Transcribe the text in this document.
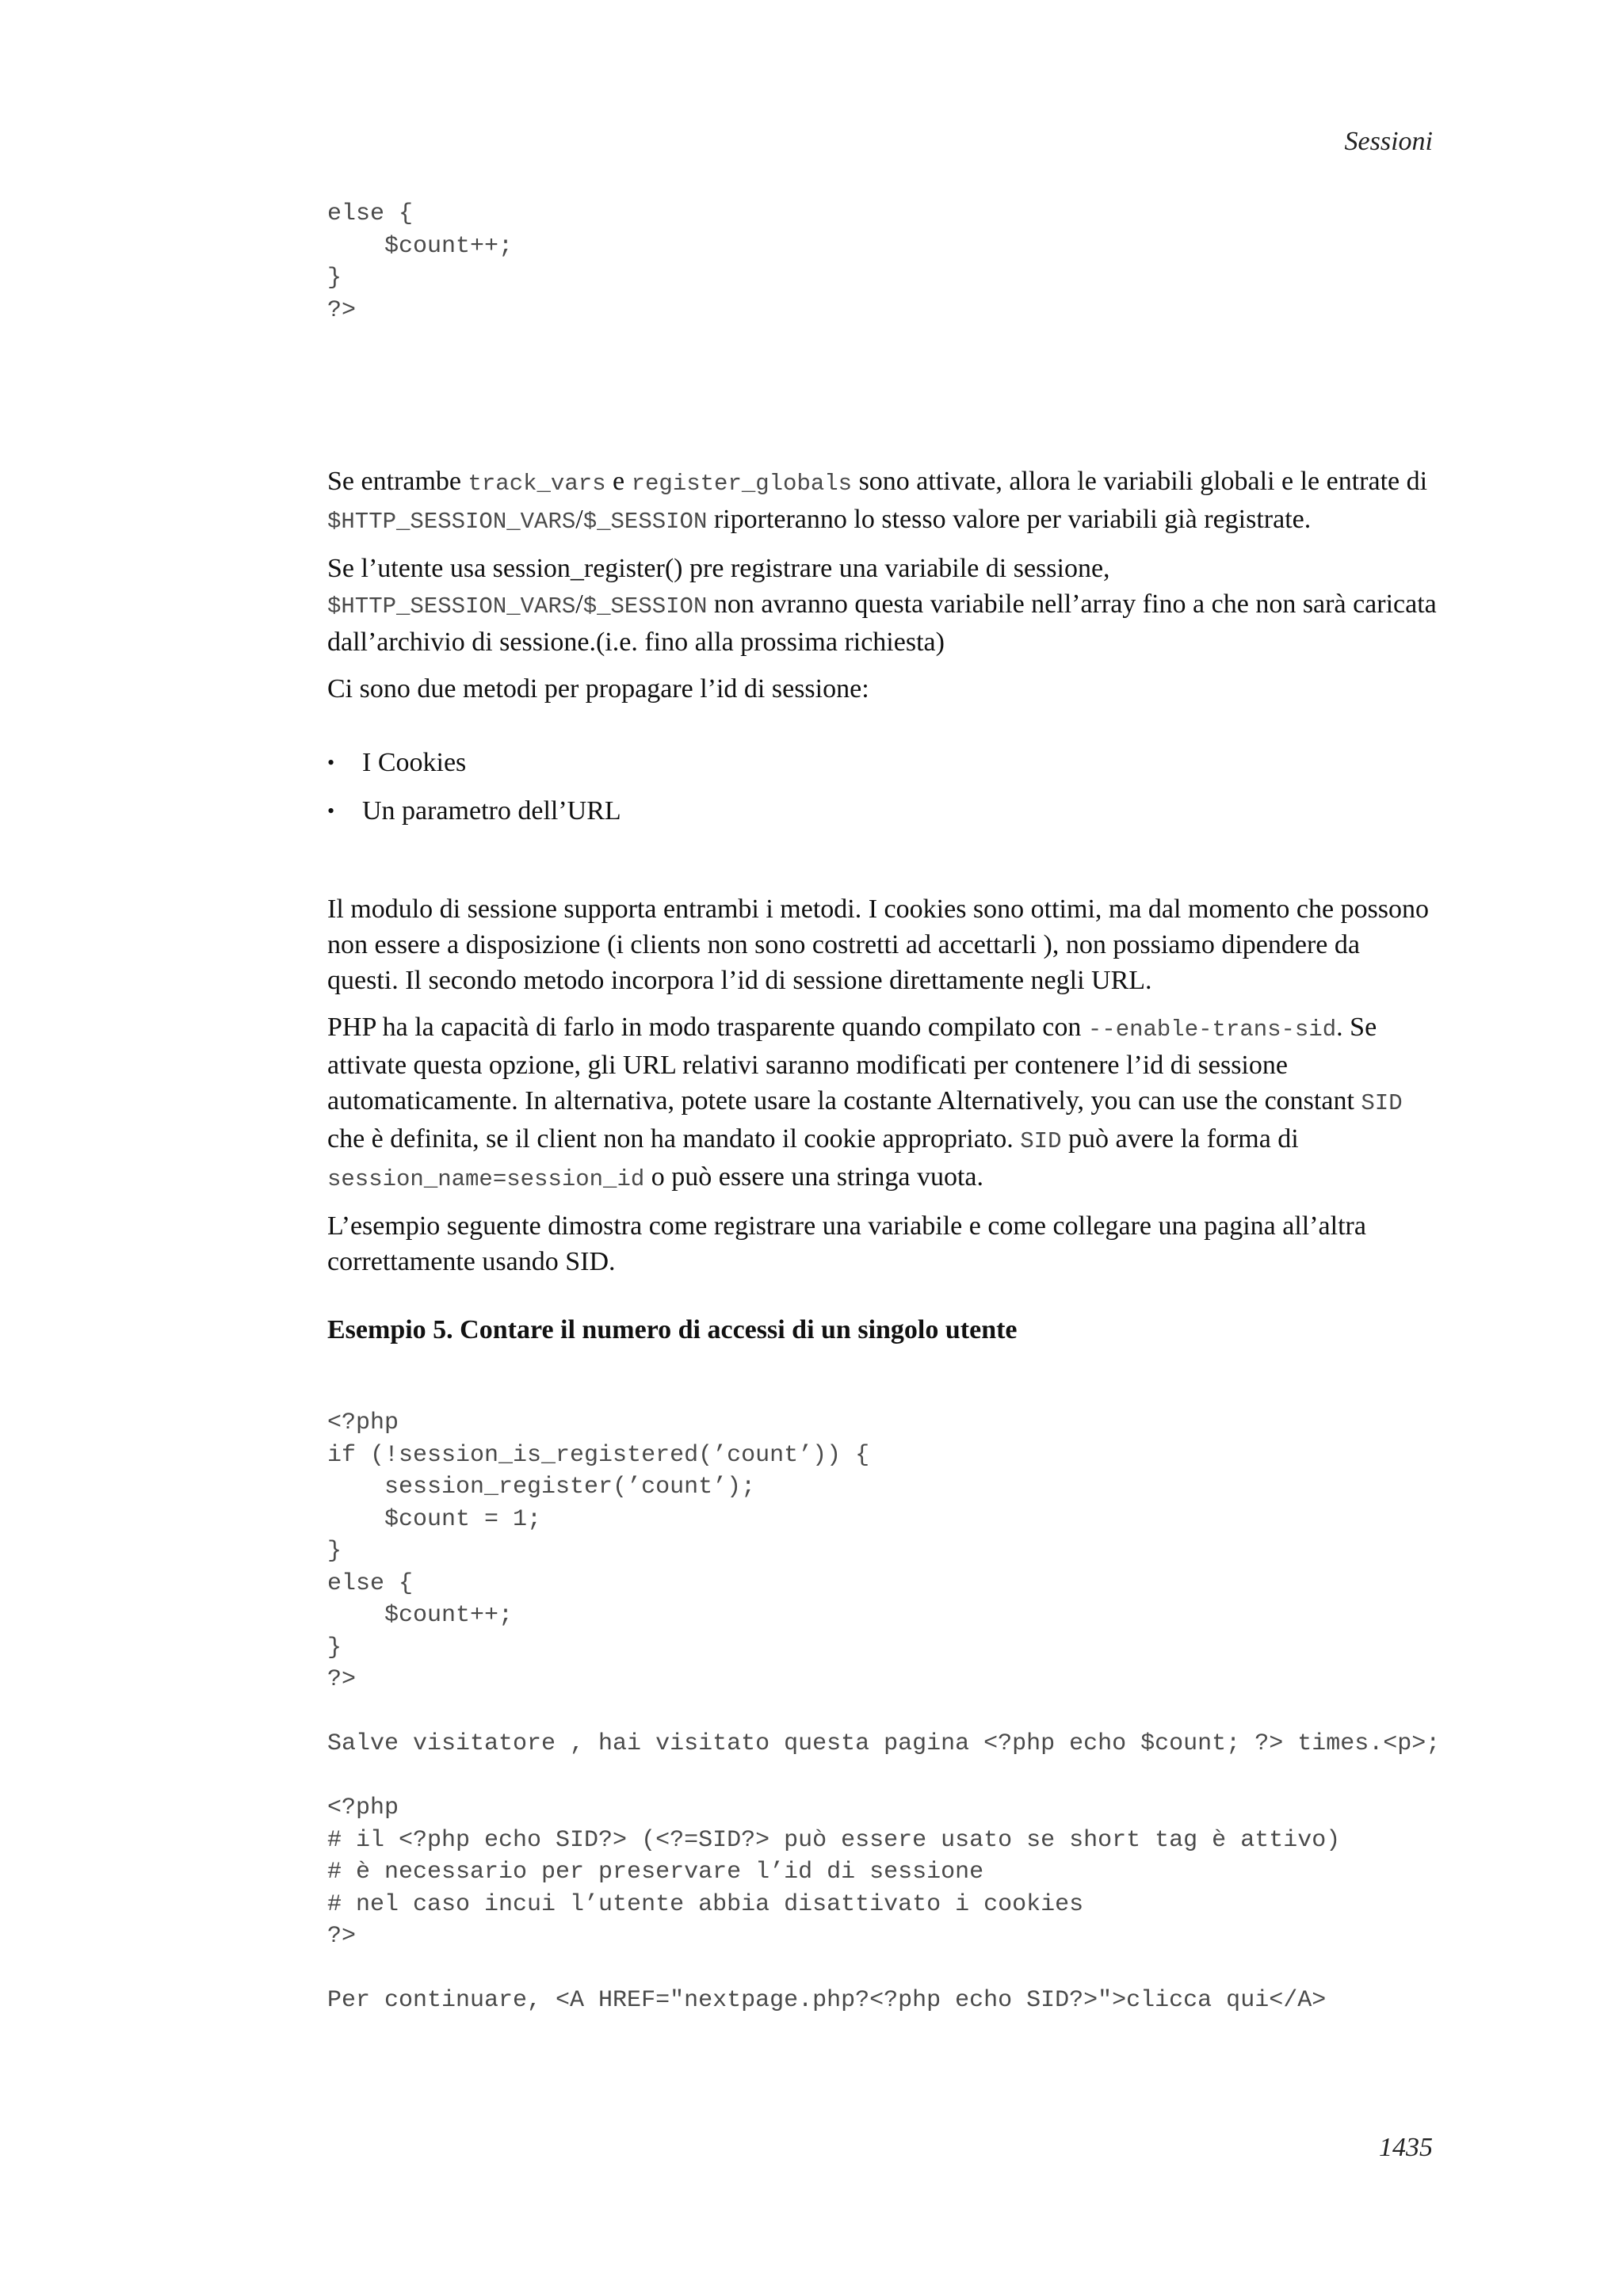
Sessioni
else {
$count++;
}
?>

Se entrambe track_vars e register_globals sono attivate, allora le variabili globali e le entrate di $HTTP_SESSION_VARS/$_SESSION riporteranno lo stesso valore per variabili già registrate.

Se l’utente usa session_register() pre registrare una variabile di sessione, $HTTP_SESSION_VARS/$_SESSION non avranno questa variabile nell’array fino a che non sarà caricata dall’archivio di sessione.(i.e. fino alla prossima richiesta)

Ci sono due metodi per propagare l’id di sessione:

• I Cookies
• Un parametro dell’URL

Il modulo di sessione supporta entrambi i metodi. I cookies sono ottimi, ma dal momento che possono non essere a disposizione (i clients non sono costretti ad accettarli ), non possiamo dipendere da questi. Il secondo metodo incorpora l’id di sessione direttamente negli URL.

PHP ha la capacità di farlo in modo trasparente quando compilato con --enable-trans-sid. Se attivate questa opzione, gli URL relativi saranno modificati per contenere l’id di sessione automaticamente. In alternativa, potete usare la costante Alternatively, you can use the constant SID che è definita, se il client non ha mandato il cookie appropriato. SID può avere la forma di session_name=session_id o può essere una stringa vuota.

L’esempio seguente dimostra come registrare una variabile e come collegare una pagina all’altra correttamente usando SID.

Esempio 5. Contare il numero di accessi di un singolo utente
<?php
if (!session_is_registered(’count’)) {
session_register(’count’);
$count = 1;
}
else {
$count++;
}
?>

Salve visitatore , hai visitato questa pagina <?php echo $count; ?> times.<p>;

<?php
# il <?php echo SID?> (<?=SID?> può essere usato se short tag è attivo)
# è necessario per preservare l’id di sessione
# nel caso incui l’utente abbia disattivato i cookies
?>

Per continuare, <A HREF="nextpage.php?<?php echo SID?>">clicca qui</A>
1435
